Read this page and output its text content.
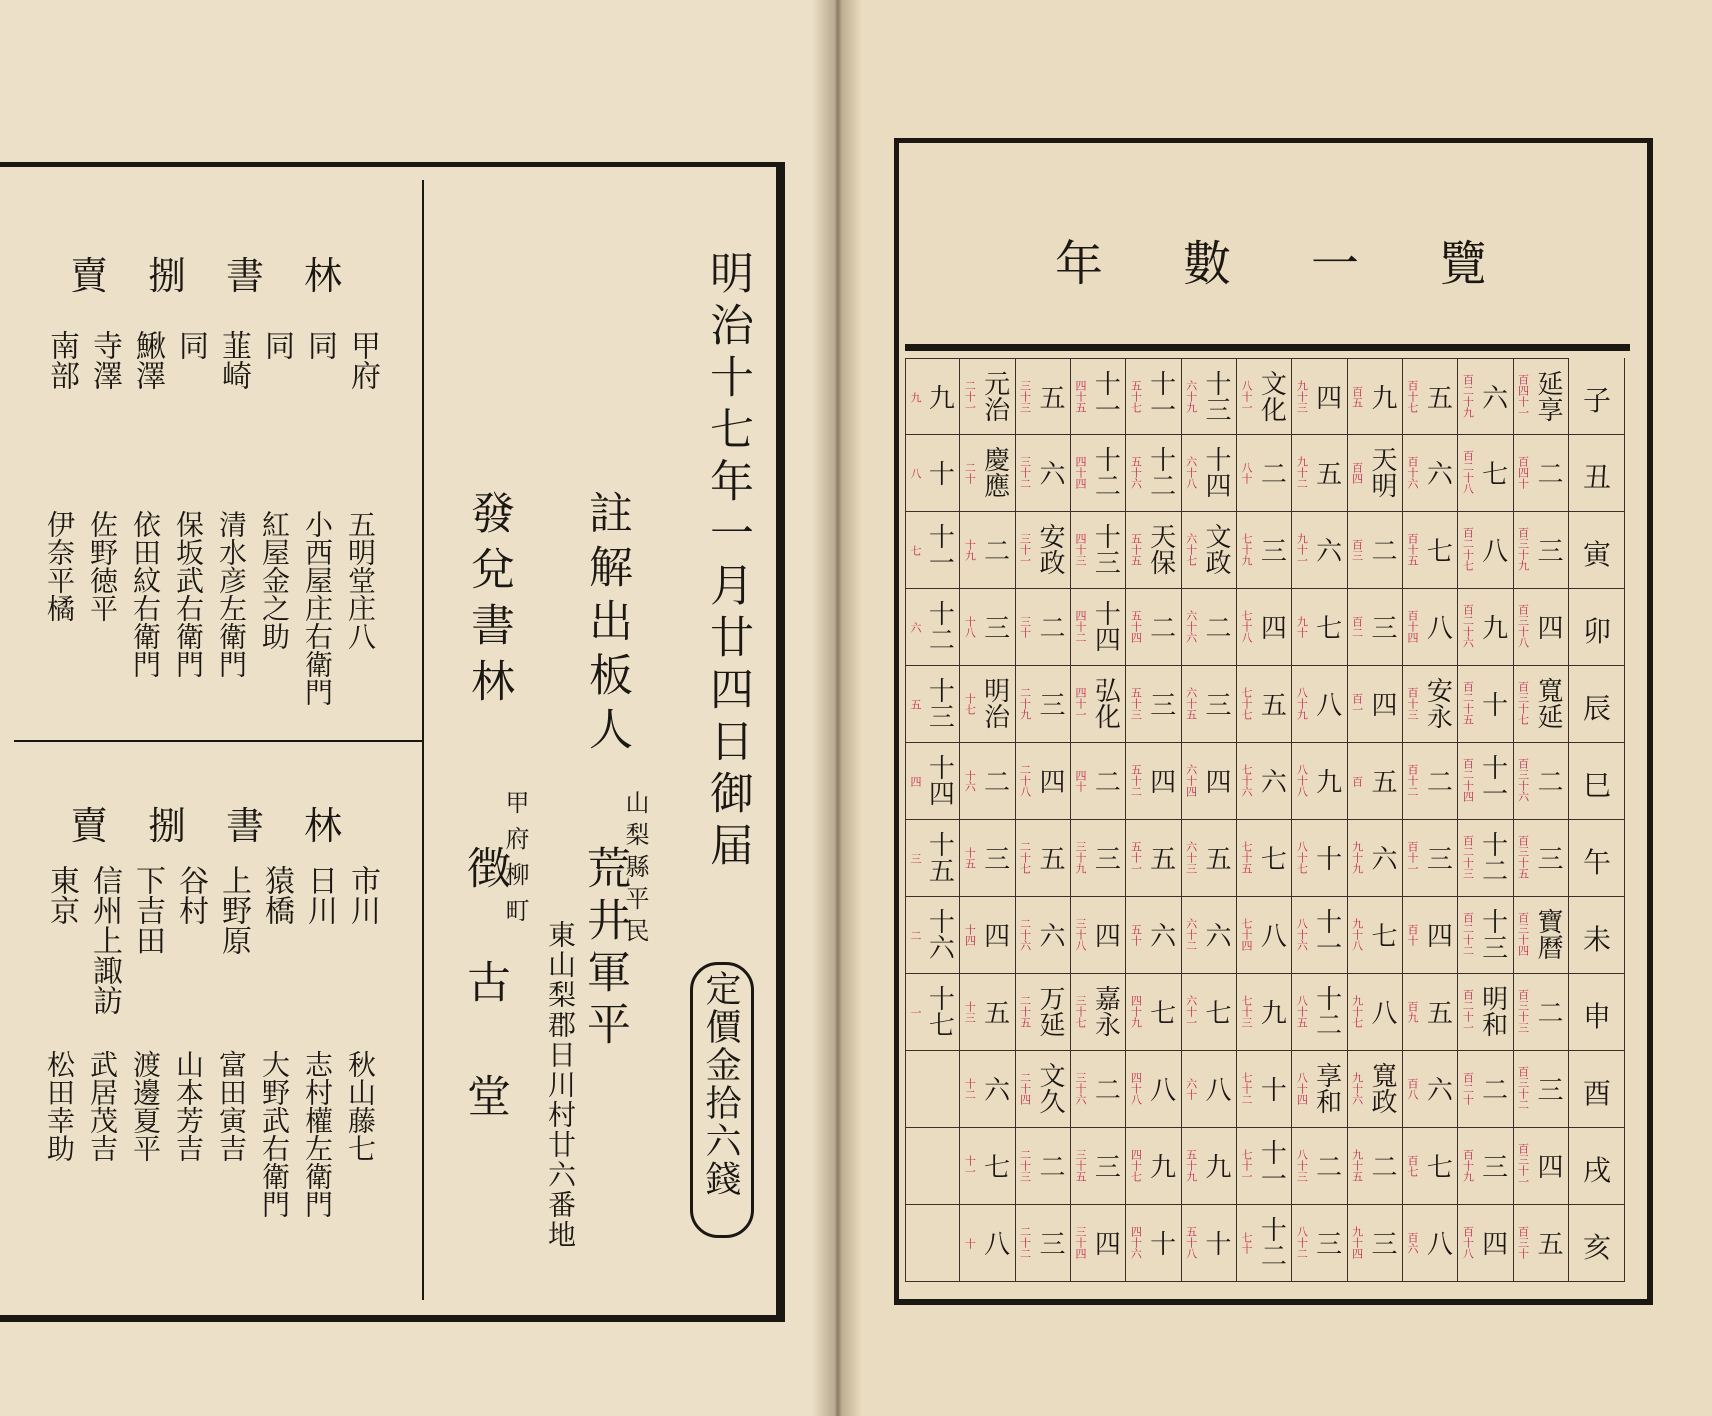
明治十七年一月廿四日御届
定價金拾六錢
註解出板人
山梨縣平民
荒井軍平
東山梨郡日川村廿六番地
發兌書林
甲府柳町
徴古堂
賣捌書林
賣捌書林
甲府
五明堂庄八
同
小西屋庄右衛門
同
紅屋金之助
韮崎
清水彦左衛門
同
保坂武右衛門
鰍澤
依田紋右衛門
寺澤
佐野徳平
南部
伊奈平橘
市川
秋山藤七
日川
志村權左衛門
猿橋
大野武右衛門
上野原
富田寅吉
谷村
山本芳吉
下吉田
渡邊夏平
信州上諏訪
武居茂吉
東京
松田幸助
年數一覽
子
丑
寅
卯
辰
巳
午
未
申
酉
戌
亥
延享
百四十一
二
百四十
三
百三十九
四
百三十八
寬延
百三十七
二
百三十六
三
百三十五
寶曆
百三十四
二
百三十三
三
百三十二
四
百三十一
五
百三十
六
百二十九
七
百二十八
八
百二十七
九
百二十六
十
百二十五
十一
百二十四
十二
百二十三
十三
百二十二
明和
百二十一
二
百二十
三
百十九
四
百十八
五
百十七
六
百十六
七
百十五
八
百十四
安永
百十三
二
百十二
三
百十一
四
百十
五
百九
六
百八
七
百七
八
百六
九
百五
天明
百四
二
百三
三
百二
四
百一
五
百
六
九十九
七
九十八
八
九十七
寬政
九十六
二
九十五
三
九十四
四
九十三
五
九十二
六
九十一
七
九十
八
八十九
九
八十八
十
八十七
十一
八十六
十二
八十五
享和
八十四
二
八十三
三
八十二
文化
八十一
二
八十
三
七十九
四
七十八
五
七十七
六
七十六
七
七十五
八
七十四
九
七十三
十
七十二
十一
七十一
十二
七十
十三
六十九
十四
六十八
文政
六十七
二
六十六
三
六十五
四
六十四
五
六十三
六
六十二
七
六十一
八
六十
九
五十九
十
五十八
十一
五十七
十二
五十六
天保
五十五
二
五十四
三
五十三
四
五十二
五
五十一
六
五十
七
四十九
八
四十八
九
四十七
十
四十六
十一
四十五
十二
四十四
十三
四十三
十四
四十二
弘化
四十一
二
四十
三
三十九
四
三十八
嘉永
三十七
二
三十六
三
三十五
四
三十四
五
三十三
六
三十二
安政
三十一
二
三十
三
二十九
四
二十八
五
二十七
六
二十六
万延
二十五
文久
二十四
二
二十三
三
二十二
元治
二十一
慶應
二十
二
十九
三
十八
明治
十七
二
十六
三
十五
四
十四
五
十三
六
十二
七
十一
八
十
九
九
十
八
十一
七
十二
六
十三
五
十四
四
十五
三
十六
二
十七
一
